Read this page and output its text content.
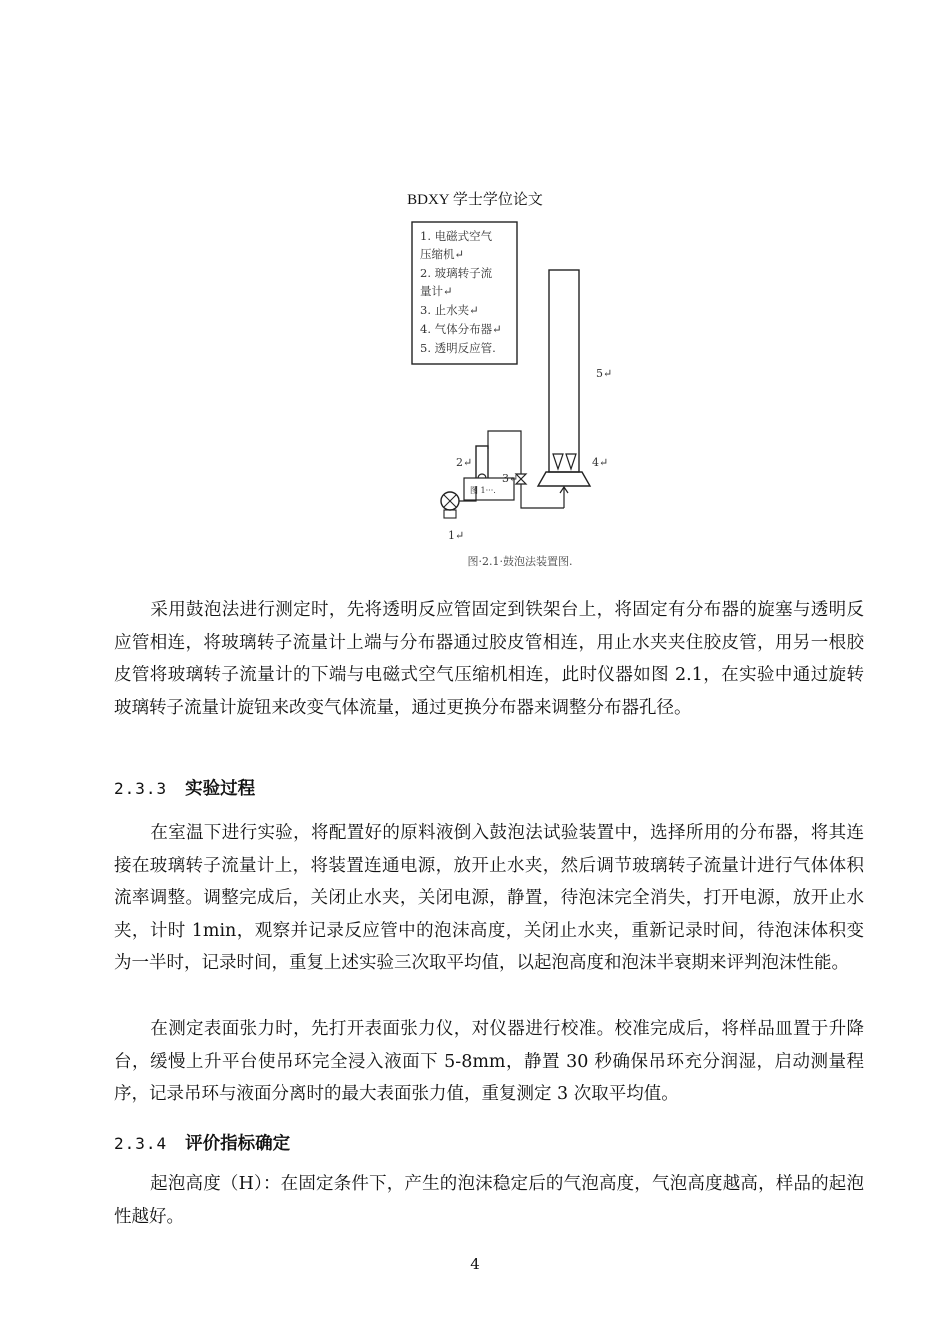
BDXY 学士学位论文
1. 电磁式空气
压缩机↵
2. 玻璃转子流
量计↵
3. 止水夹↵
4. 气体分布器↵
5. 透明反应管.
图 1···.
2↵
3↵
4↵
5↵
1↵
图·2.1·鼓泡法装置图.

采用鼓泡法进行测定时，先将透明反应管固定到铁架台上，将固定有分布器的旋塞与透明反应管相连，将玻璃转子流量计上端与分布器通过胶皮管相连，用止水夹夹住胶皮管，用另一根胶皮管将玻璃转子流量计的下端与电磁式空气压缩机相连，此时仪器如图 2.1，在实验中通过旋转玻璃转子流量计旋钮来改变气体流量，通过更换分布器来调整分布器孔径。

2.3.3 实验过程

在室温下进行实验，将配置好的原料液倒入鼓泡法试验装置中，选择所用的分布器，将其连接在玻璃转子流量计上，将装置连通电源，放开止水夹，然后调节玻璃转子流量计进行气体体积流率调整。调整完成后，关闭止水夹，关闭电源，静置，待泡沫完全消失，打开电源，放开止水夹，计时 1min，观察并记录反应管中的泡沫高度，关闭止水夹，重新记录时间，待泡沫体积变为一半时，记录时间，重复上述实验三次取平均值，以起泡高度和泡沫半衰期来评判泡沫性能。

在测定表面张力时，先打开表面张力仪，对仪器进行校准。校准完成后，将样品皿置于升降台，缓慢上升平台使吊环完全浸入液面下 5-8mm，静置 30 秒确保吊环充分润湿，启动测量程序，记录吊环与液面分离时的最大表面张力值，重复测定 3 次取平均值。

2.3.4 评价指标确定

起泡高度（H）：在固定条件下，产生的泡沫稳定后的气泡高度，气泡高度越高，样品的起泡性越好。

4
